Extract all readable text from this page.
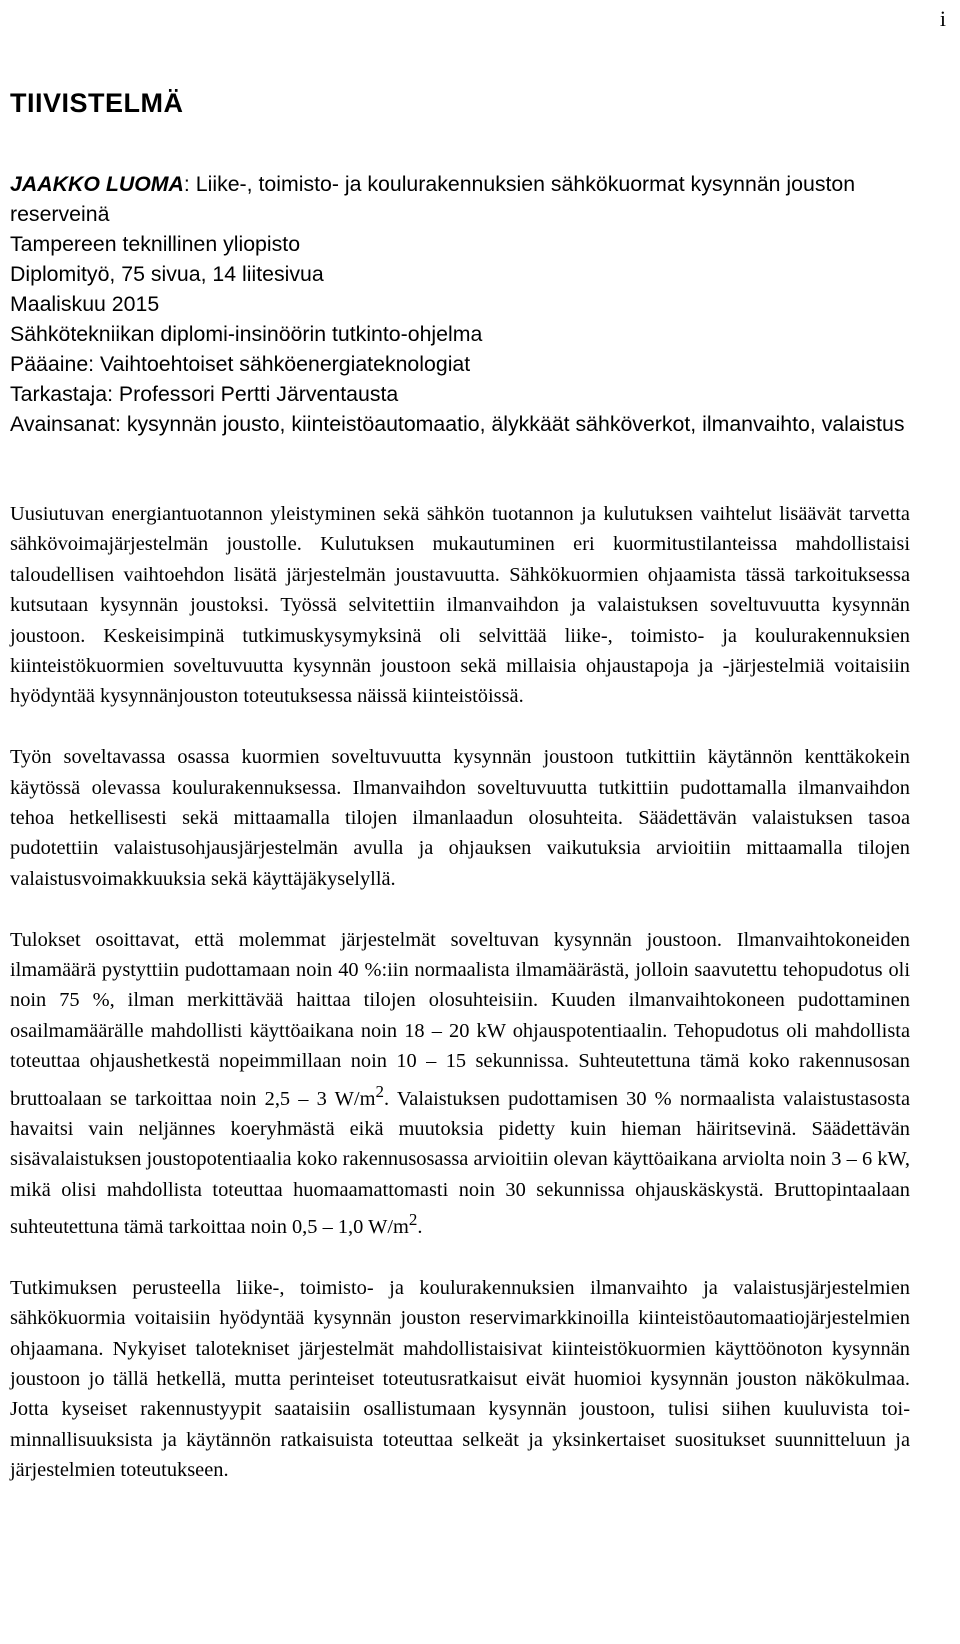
i
TIIVISTELMÄ

JAAKKO LUOMA: Liike-, toimisto- ja koulurakennuksien sähkökuormat kysynnän jouston reserveinä

Tampereen teknillinen yliopisto

Diplomityö, 75 sivua, 14 liitesivua

Maaliskuu 2015

Sähkötekniikan diplomi-insinöörin tutkinto-ohjelma

Pääaine: Vaihtoehtoiset sähköenergiateknologiat

Tarkastaja: Professori Pertti Järventausta

Avainsanat: kysynnän jousto, kiinteistöautomaatio, älykkäät sähköverkot, ilmanvaihto, valaistus

Uusiutuvan energiantuotannon yleistyminen sekä sähkön tuotannon ja kulutuksen vaihtelut lisäävät tarvetta sähkövoimajärjestelmän joustolle. Kulutuksen mukautuminen eri kuormitustilanteissa mahdollistaisi taloudellisen vaihtoehdon lisätä järjestelmän joustavuutta. Sähkökuormien ohjaamista tässä tarkoituksessa kutsutaan kysynnän joustoksi. Työssä selvitettiin ilmanvaihdon ja valaistuksen soveltuvuutta kysynnän joustoon. Keskeisimpinä tutkimuskysymyksinä oli selvittää liike-, toimisto- ja koulurakennuksien kiinteistökuormien soveltuvuutta kysynnän joustoon sekä millaisia ohjaustapoja ja -järjestelmiä voitaisiin hyödyntää kysynnänjouston toteutuksessa näissä kiinteistöissä.

Työn soveltavassa osassa kuormien soveltuvuutta kysynnän joustoon tutkittiin käytännön kenttäkokein käytössä olevassa koulurakennuksessa. Ilmanvaihdon soveltuvuutta tutkittiin pudottamalla ilmanvaihdon tehoa hetkellisesti sekä mittaamalla tilojen ilmanlaadun olosuhteita. Säädettävän valaistuksen tasoa pudotettiin valaistusohjausjärjestelmän avulla ja ohjauksen vaikutuksia arvioitiin mittaamalla tilojen valaistusvoimakkuuksia sekä käyttäjäkyselyllä.

Tulokset osoittavat, että molemmat järjestelmät soveltuvan kysynnän joustoon. Ilmanvaihtokoneiden ilmamäärä pystyttiin pudottamaan noin 40 %:iin normaalista ilmamäärästä, jolloin saavutettu tehopudotus oli noin 75 %, ilman merkittävää haittaa tilojen olosuhteisiin. Kuuden ilmanvaihtokoneen pudottaminen osailmamäärälle mahdollisti käyttöaikana noin 18 – 20 kW ohjauspotentiaalin. Tehopudotus oli mahdollista toteuttaa ohjaushetkestä nopeimmillaan noin 10 – 15 sekunnissa. Suhteutettuna tämä koko rakennusosan bruttoalaan se tarkoittaa noin 2,5 – 3 $W/m^2$. Valaistuksen pudottamisen 30 % normaalista valaistustasosta havaitsi vain neljännes koeryhmästä eikä muutoksia pidetty kuin hieman häiritsevinä. Säädettävän sisävalaistuksen joustopotentiaalia koko rakennusosassa arvioitiin olevan käyttöaikana arviolta noin 3 – 6 kW, mikä olisi mahdollista toteuttaa huomaamattomasti noin 30 sekunnissa ohjauskäskystä. Bruttopintaalaan suhteutettuna tämä tarkoittaa noin 0,5 – 1,0 $W/m^2$.

Tutkimuksen perusteella liike-, toimisto- ja koulurakennuksien ilmanvaihto ja valaistusjärjestelmien sähkökuormia voitaisiin hyödyntää kysynnän jouston reservimarkkinoilla kiinteistöautomaatiojärjestelmien ohjaamana. Nykyiset talotekniset järjestelmät mahdollistaisivat kiinteistökuormien käyttöönoton kysynnän joustoon jo tällä hetkellä, mutta perinteiset toteutusratkaisut eivät huomioi kysynnän jouston näkökulmaa. Jotta kyseiset rakennustyypit saataisiin osallistumaan kysynnän joustoon, tulisi siihen kuuluvista toiminnallisuuksista ja käytännön ratkaisuista toteuttaa selkeät ja yksinkertaiset suositukset suunnitteluun ja järjestelmien toteutukseen.
